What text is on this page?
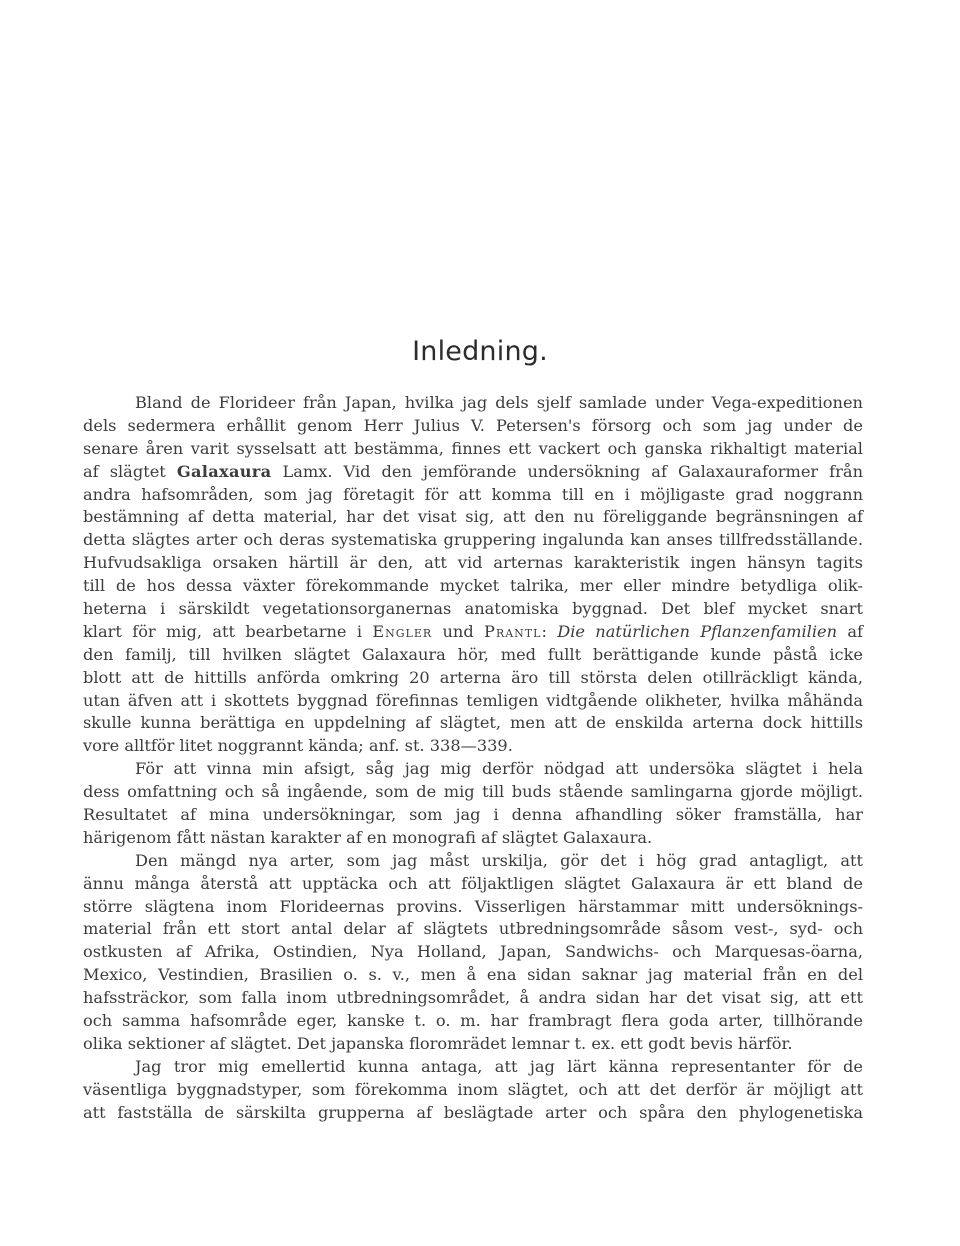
Inledning.
Bland de Florideer från Japan, hvilka jag dels sjelf samlade under Vega-expeditionen
dels sedermera erhållit genom Herr Julius V. Petersen's försorg och som jag under de
senare åren varit sysselsatt att bestämma, finnes ett vackert och ganska rikhaltigt material
af slägtet Galaxaura Lamx. Vid den jemförande undersökning af Galaxauraformer från
andra hafsområden, som jag företagit för att komma till en i möjligaste grad noggrann
bestämning af detta material, har det visat sig, att den nu föreliggande begränsningen af
detta slägtes arter och deras systematiska gruppering ingalunda kan anses tillfredsställande.
Hufvudsakliga orsaken härtill är den, att vid arternas karakteristik ingen hänsyn tagits
till de hos dessa växter förekommande mycket talrika, mer eller mindre betydliga olik-
heterna i särskildt vegetationsorganernas anatomiska byggnad. Det blef mycket snart
klart för mig, att bearbetarne i Engler und Prantl: Die natürlichen Pflanzenfamilien af
den familj, till hvilken slägtet Galaxaura hör, med fullt berättigande kunde påstå icke
blott att de hittills anförda omkring 20 arterna äro till största delen otillräckligt kända,
utan äfven att i skottets byggnad förefinnas temligen vidtgående olikheter, hvilka måhända
skulle kunna berättiga en uppdelning af slägtet, men att de enskilda arterna dock hittills
vore alltför litet noggrannt kända; anf. st. 338—339.
För att vinna min afsigt, såg jag mig derför nödgad att undersöka slägtet i hela
dess omfattning och så ingående, som de mig till buds stående samlingarna gjorde möjligt.
Resultatet af mina undersökningar, som jag i denna afhandling söker framställa, har
härigenom fått nästan karakter af en monografi af slägtet Galaxaura.
Den mängd nya arter, som jag måst urskilja, gör det i hög grad antagligt, att
ännu många återstå att upptäcka och att följaktligen slägtet Galaxaura är ett bland de
större slägtena inom Florideernas provins. Visserligen härstammar mitt undersöknings-
material från ett stort antal delar af slägtets utbredningsområde såsom vest-, syd- och
ostkusten af Afrika, Ostindien, Nya Holland, Japan, Sandwichs- och Marquesas-öarna,
Mexico, Vestindien, Brasilien o. s. v., men å ena sidan saknar jag material från en del
hafssträckor, som falla inom utbredningsområdet, å andra sidan har det visat sig, att ett
och samma hafsområde eger, kanske t. o. m. har frambragt flera goda arter, tillhörande
olika sektioner af slägtet. Det japanska floromrädet lemnar t. ex. ett godt bevis härför.
Jag tror mig emellertid kunna antaga, att jag lärt känna representanter för de
väsentliga byggnadstyper, som förekomma inom slägtet, och att det derför är möjligt att
att fastställa de särskilta grupperna af beslägtade arter och spåra den phylogenetiska
